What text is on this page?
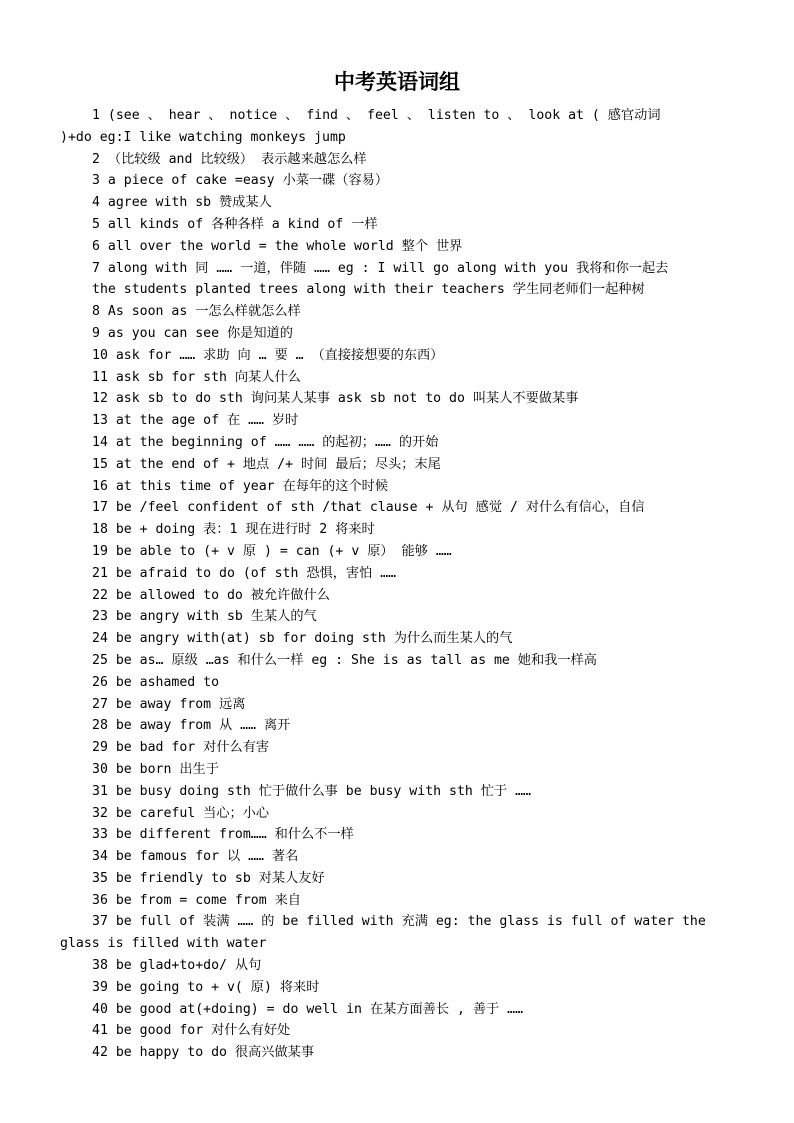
中考英语词组
1 (see 、 hear 、 notice 、 find 、 feel 、 listen to 、 look at ( 感官动词
)+do eg:I like watching monkeys jump
2 （比较级 and 比较级） 表示越来越怎么样
3 a piece of cake =easy 小菜一碟（容易）
4 agree with sb 赞成某人
5 all kinds of 各种各样 a kind of 一样
6 all over the world = the whole world 整个 世界
7 along with 同 …… 一道，伴随 …… eg : I will go along with you 我将和你一起去
the students planted trees along with their teachers 学生同老师们一起种树
8 As soon as 一怎么样就怎么样
9 as you can see 你是知道的
10 ask for …… 求助 向 … 要 … （直接接想要的东西）
11 ask sb for sth 向某人什么
12 ask sb to do sth 询问某人某事 ask sb not to do 叫某人不要做某事
13 at the age of 在 …… 岁时
14 at the beginning of …… …… 的起初；…… 的开始
15 at the end of + 地点 /+ 时间 最后；尽头；末尾
16 at this time of year 在每年的这个时候
17 be /feel confident of sth /that clause + 从句 感觉 / 对什么有信心，自信
18 be + doing 表：1 现在进行时 2 将来时
19 be able to (+ v 原 ) = can (+ v 原） 能够 ……
21 be afraid to do (of sth 恐惧，害怕 ……
22 be allowed to do 被允许做什么
23 be angry with sb 生某人的气
24 be angry with(at) sb for doing sth 为什么而生某人的气
25 be as… 原级 …as 和什么一样 eg : She is as tall as me 她和我一样高
26 be ashamed to
27 be away from 远离
28 be away from 从 …… 离开
29 be bad for 对什么有害
30 be born 出生于
31 be busy doing sth 忙于做什么事 be busy with sth 忙于 ……
32 be careful 当心；小心
33 be different from…… 和什么不一样
34 be famous for 以 …… 著名
35 be friendly to sb 对某人友好
36 be from = come from 来自
37 be full of 装满 …… 的 be filled with 充满 eg: the glass is full of water the
glass is filled with water
38 be glad+to+do/ 从句
39 be going to + v( 原) 将来时
40 be good at(+doing) = do well in 在某方面善长 , 善于 ……
41 be good for 对什么有好处
42 be happy to do 很高兴做某事
